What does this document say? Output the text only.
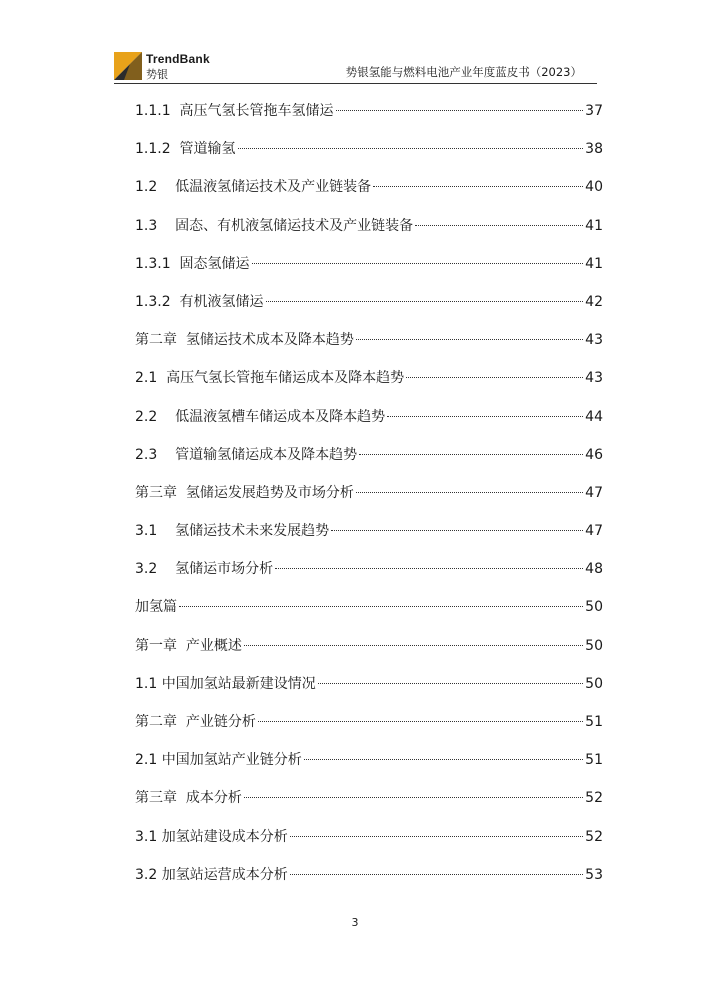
TrendBank
势银	势银氢能与燃料电池产业年度蓝皮书（2023）
1.1.1  高压气氢长管拖车氢储运	37
1.1.2  管道输氢	38
1.2    低温液氢储运技术及产业链装备	40
1.3    固态、有机液氢储运技术及产业链装备	41
1.3.1  固态氢储运	41
1.3.2  有机液氢储运	42
第二章  氢储运技术成本及降本趋势	43
2.1  高压气氢长管拖车储运成本及降本趋势	43
2.2    低温液氢槽车储运成本及降本趋势	44
2.3    管道输氢储运成本及降本趋势	46
第三章  氢储运发展趋势及市场分析	47
3.1    氢储运技术未来发展趋势	47
3.2    氢储运市场分析	48
加氢篇	50
第一章  产业概述	50
1.1 中国加氢站最新建设情况	50
第二章  产业链分析	51
2.1 中国加氢站产业链分析	51
第三章  成本分析	52
3.1 加氢站建设成本分析	52
3.2 加氢站运营成本分析	53
3
